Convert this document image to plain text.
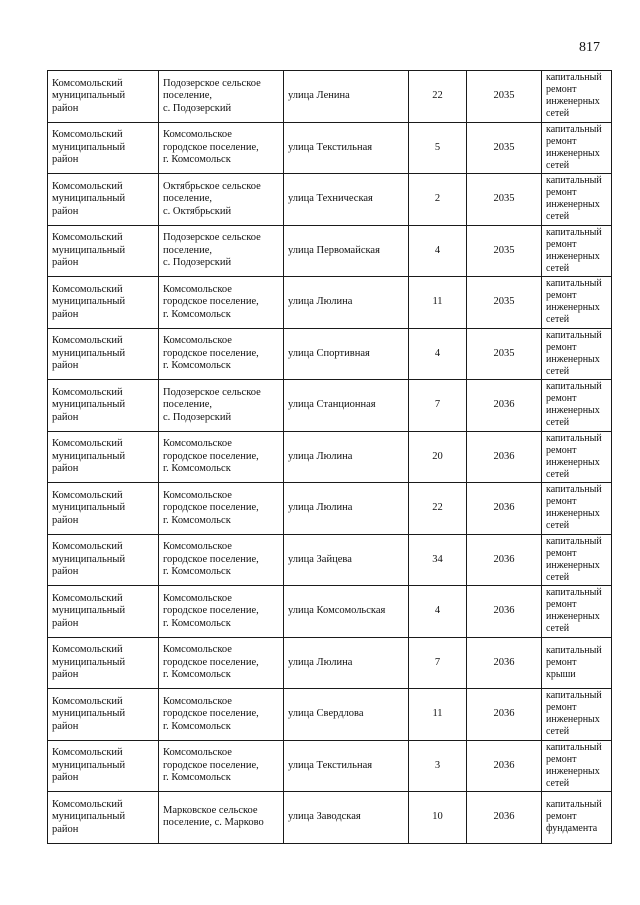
817
Комсомольский
муниципальный
район	Подозерское сельское
поселение,
с. Подозерский	улица Ленина	22	2035	капитальный
ремонт
инженерных
сетей

Комсомольский
муниципальный
район	Комсомольское
городское поселение,
г. Комсомольск	улица Текстильная	5	2035	капитальный
ремонт
инженерных
сетей

Комсомольский
муниципальный
район	Октябрьское сельское
поселение,
с. Октябрьский	улица Техническая	2	2035	капитальный
ремонт
инженерных
сетей

Комсомольский
муниципальный
район	Подозерское сельское
поселение,
с. Подозерский	улица Первомайская	4	2035	капитальный
ремонт
инженерных
сетей

Комсомольский
муниципальный
район	Комсомольское
городское поселение,
г. Комсомольск	улица Люлина	11	2035	капитальный
ремонт
инженерных
сетей

Комсомольский
муниципальный
район	Комсомольское
городское поселение,
г. Комсомольск	улица Спортивная	4	2035	капитальный
ремонт
инженерных
сетей

Комсомольский
муниципальный
район	Подозерское сельское
поселение,
с. Подозерский	улица Станционная	7	2036	капитальный
ремонт
инженерных
сетей

Комсомольский
муниципальный
район	Комсомольское
городское поселение,
г. Комсомольск	улица Люлина	20	2036	капитальный
ремонт
инженерных
сетей

Комсомольский
муниципальный
район	Комсомольское
городское поселение,
г. Комсомольск	улица Люлина	22	2036	капитальный
ремонт
инженерных
сетей

Комсомольский
муниципальный
район	Комсомольское
городское поселение,
г. Комсомольск	улица Зайцева	34	2036	капитальный
ремонт
инженерных
сетей

Комсомольский
муниципальный
район	Комсомольское
городское поселение,
г. Комсомольск	улица Комсомольская	4	2036	капитальный
ремонт
инженерных
сетей

Комсомольский
муниципальный
район	Комсомольское
городское поселение,
г. Комсомольск	улица Люлина	7	2036	капитальный
ремонт крыши

Комсомольский
муниципальный
район	Комсомольское
городское поселение,
г. Комсомольск	улица Свердлова	11	2036	капитальный
ремонт
инженерных
сетей

Комсомольский
муниципальный
район	Комсомольское
городское поселение,
г. Комсомольск	улица Текстильная	3	2036	капитальный
ремонт
инженерных
сетей

Комсомольский
муниципальный
район	Марковское сельское
поселение, с. Марково	улица Заводская	10	2036	капитальный
ремонт
фундамента
